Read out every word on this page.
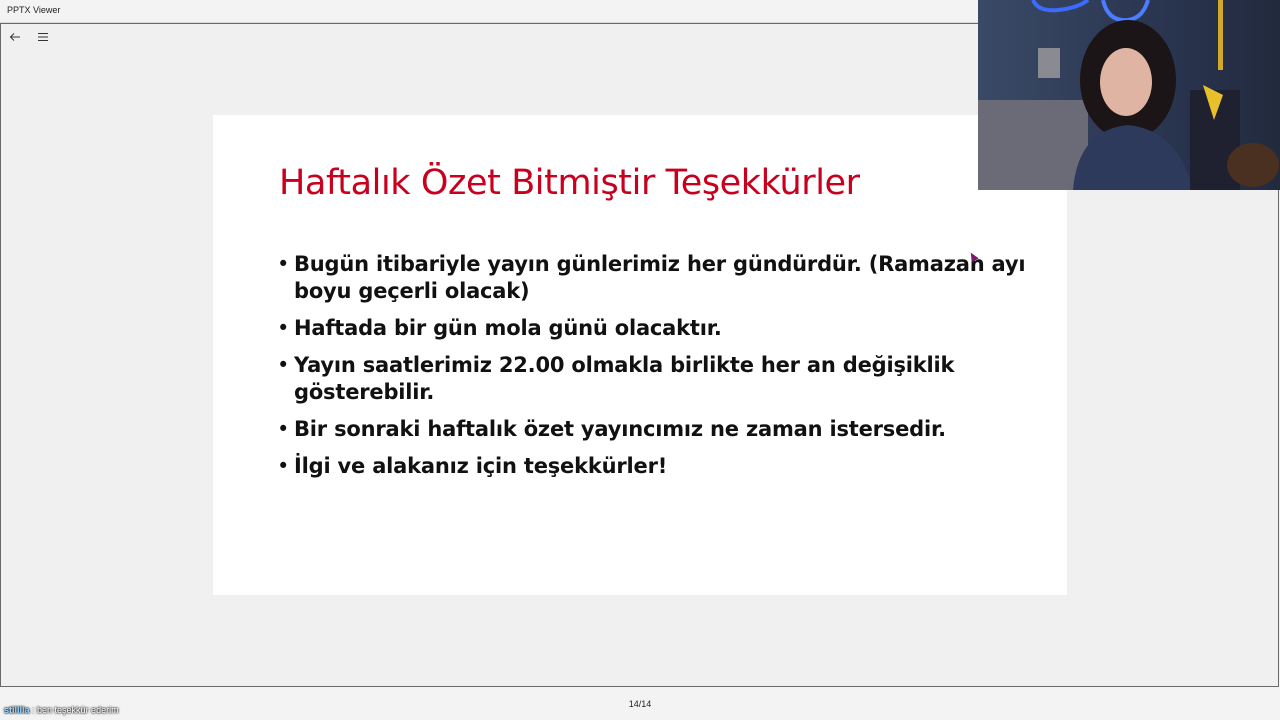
PPTX Viewer
Haftalık Özet Bitmiştir Teşekkürler
• Bugün itibariyle yayın günlerimiz her gündürdür. (Ramazan ayı boyu geçerli olacak)
• Haftada bir gün mola günü olacaktır.
• Yayın saatlerimiz 22.00 olmakla birlikte her an değişiklik gösterebilir.
• Bir sonraki haftalık özet yayıncımız ne zaman istersedir.
• İlgi ve alakanız için teşekkürler!
stilllla : ben teşekkür ederim
14/14
